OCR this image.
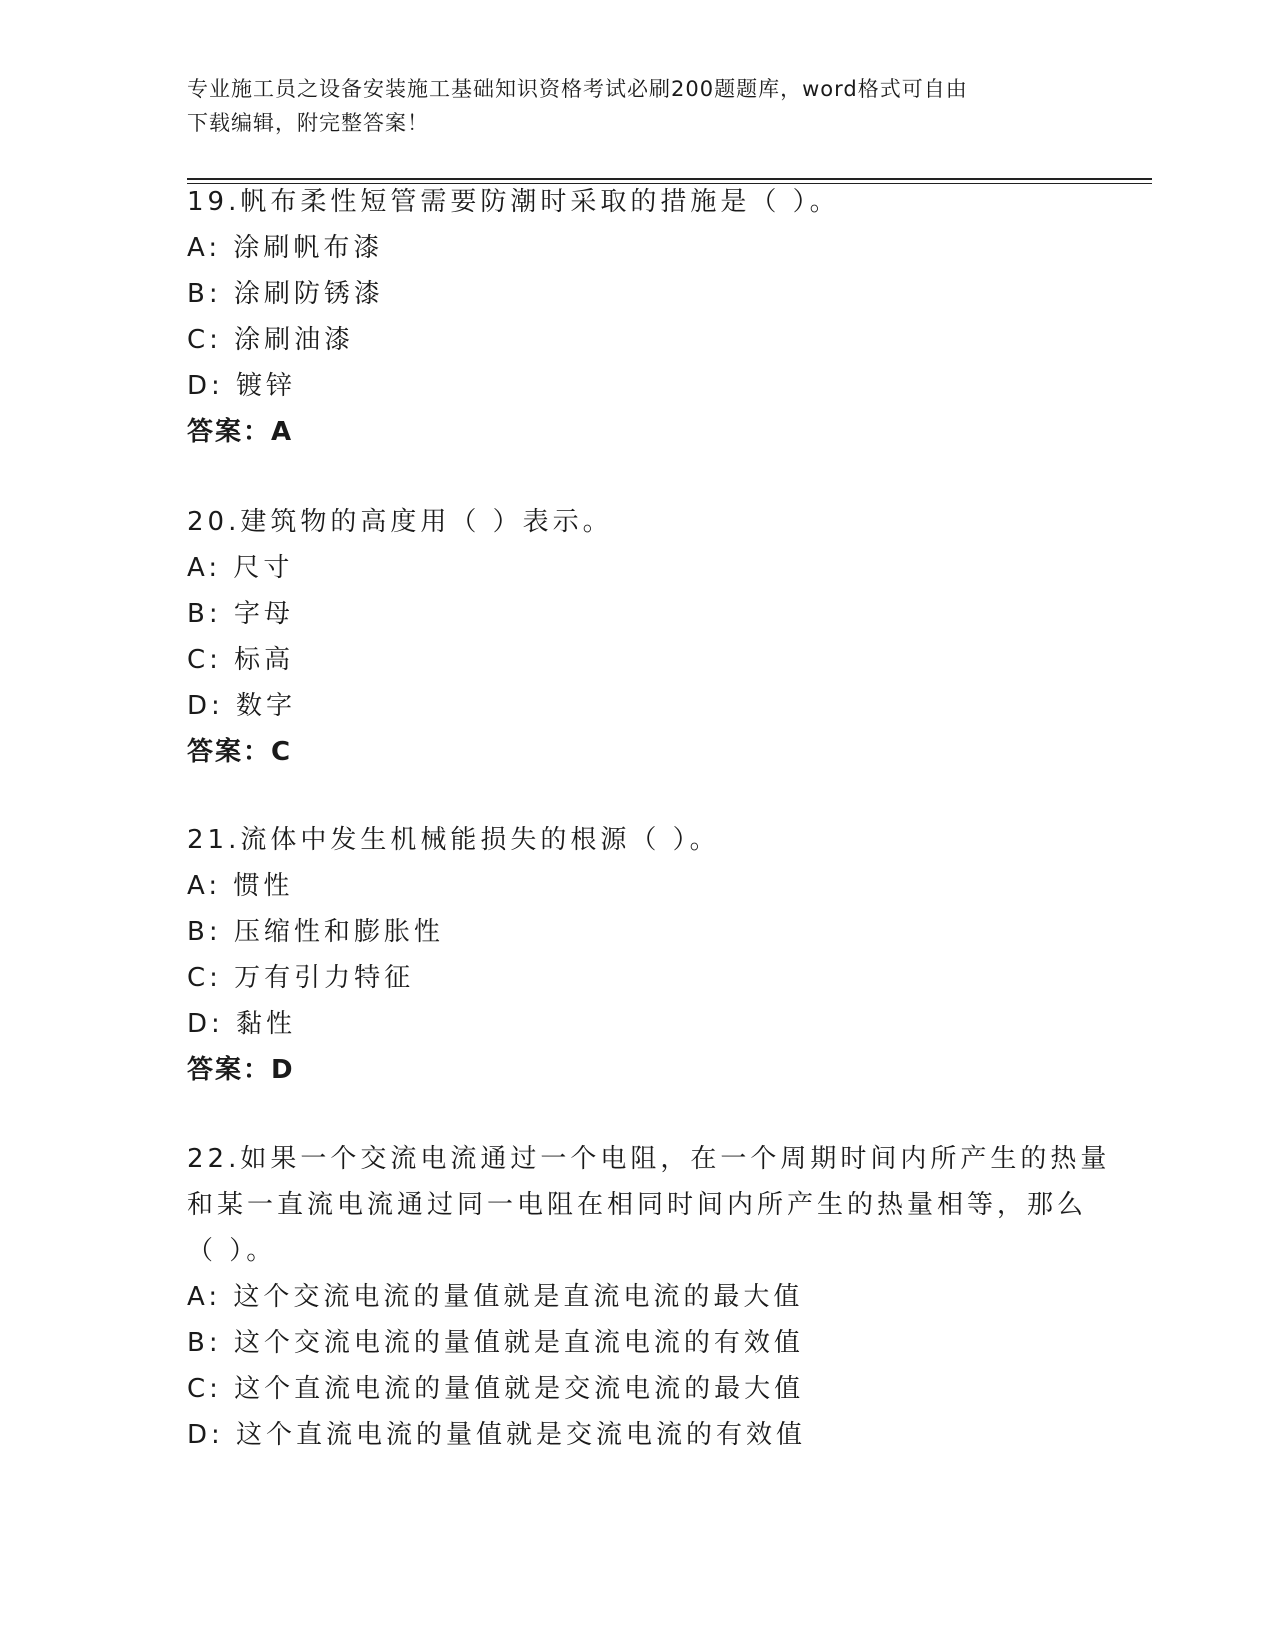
专业施工员之设备安装施工基础知识资格考试必刷200题题库，word格式可自由
下载编辑，附完整答案！
19.帆布柔性短管需要防潮时采取的措施是（ ）。
A: 涂刷帆布漆
B: 涂刷防锈漆
C: 涂刷油漆
D: 镀锌
答案：A
20.建筑物的高度用（ ）表示。
A: 尺寸
B: 字母
C: 标高
D: 数字
答案：C
21.流体中发生机械能损失的根源（ ）。
A: 惯性
B: 压缩性和膨胀性
C: 万有引力特征
D: 黏性
答案：D
22.如果一个交流电流通过一个电阻，在一个周期时间内所产生的热量
和某一直流电流通过同一电阻在相同时间内所产生的热量相等，那么
（ ）。
A: 这个交流电流的量值就是直流电流的最大值
B: 这个交流电流的量值就是直流电流的有效值
C: 这个直流电流的量值就是交流电流的最大值
D: 这个直流电流的量值就是交流电流的有效值
